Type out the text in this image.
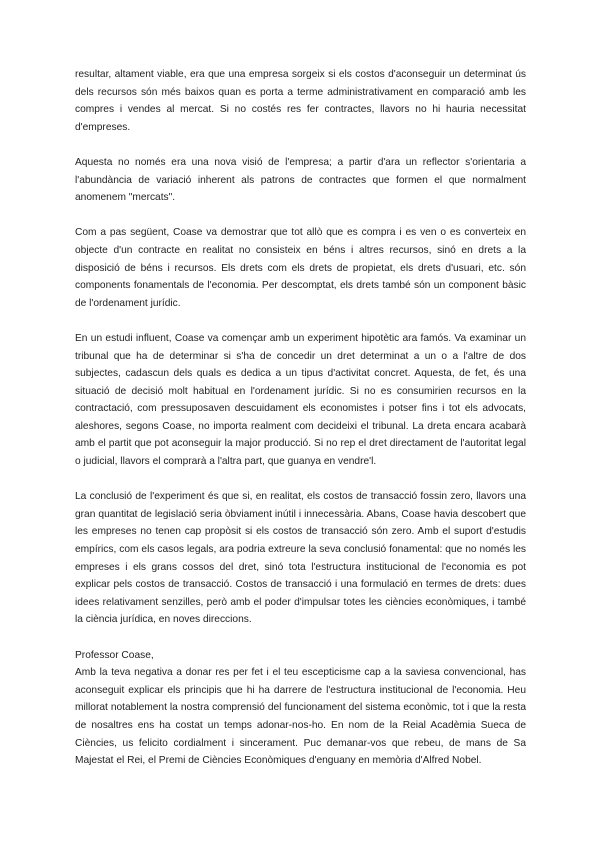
resultar, altament viable, era que una empresa sorgeix si els costos d'aconseguir un determinat ús dels recursos són més baixos quan es porta a terme administrativament en comparació amb les compres i vendes al mercat. Si no costés res fer contractes, llavors no hi hauria necessitat d'empreses.

Aquesta no només era una nova visió de l'empresa; a partir d'ara un reflector s'orientaria a l'abundància de variació inherent als patrons de contractes que formen el que normalment anomenem "mercats".

Com a pas següent, Coase va demostrar que tot allò que es compra i es ven o es converteix en objecte d'un contracte en realitat no consisteix en béns i altres recursos, sinó en drets a la disposició de béns i recursos. Els drets com els drets de propietat, els drets d'usuari, etc. són components fonamentals de l'economia. Per descomptat, els drets també són un component bàsic de l'ordenament jurídic.

En un estudi influent, Coase va començar amb un experiment hipotètic ara famós. Va examinar un tribunal que ha de determinar si s'ha de concedir un dret determinat a un o a l'altre de dos subjectes, cadascun dels quals es dedica a un tipus d'activitat concret. Aquesta, de fet, és una situació de decisió molt habitual en l'ordenament jurídic. Si no es consumirien recursos en la contractació, com pressuposaven descuidament els economistes i potser fins i tot els advocats, aleshores, segons Coase, no importa realment com decideixi el tribunal. La dreta encara acabarà amb el partit que pot aconseguir la major producció. Si no rep el dret directament de l'autoritat legal o judicial, llavors el comprarà a l'altra part, que guanya en vendre'l.

La conclusió de l'experiment és que si, en realitat, els costos de transacció fossin zero, llavors una gran quantitat de legislació seria òbviament inútil i innecessària. Abans, Coase havia descobert que les empreses no tenen cap propòsit si els costos de transacció són zero. Amb el suport d'estudis empírics, com els casos legals, ara podria extreure la seva conclusió fonamental: que no només les empreses i els grans cossos del dret, sinó tota l'estructura institucional de l'economia es pot explicar pels costos de transacció. Costos de transacció i una formulació en termes de drets: dues idees relativament senzilles, però amb el poder d'impulsar totes les ciències econòmiques, i també la ciència jurídica, en noves direccions.

Professor Coase,

Amb la teva negativa a donar res per fet i el teu escepticisme cap a la saviesa convencional, has aconseguit explicar els principis que hi ha darrere de l'estructura institucional de l'economia. Heu millorat notablement la nostra comprensió del funcionament del sistema econòmic, tot i que la resta de nosaltres ens ha costat un temps adonar-nos-ho. En nom de la Reial Acadèmia Sueca de Ciències, us felicito cordialment i sincerament. Puc demanar-vos que rebeu, de mans de Sa Majestat el Rei, el Premi de Ciències Econòmiques d'enguany en memòria d'Alfred Nobel.
